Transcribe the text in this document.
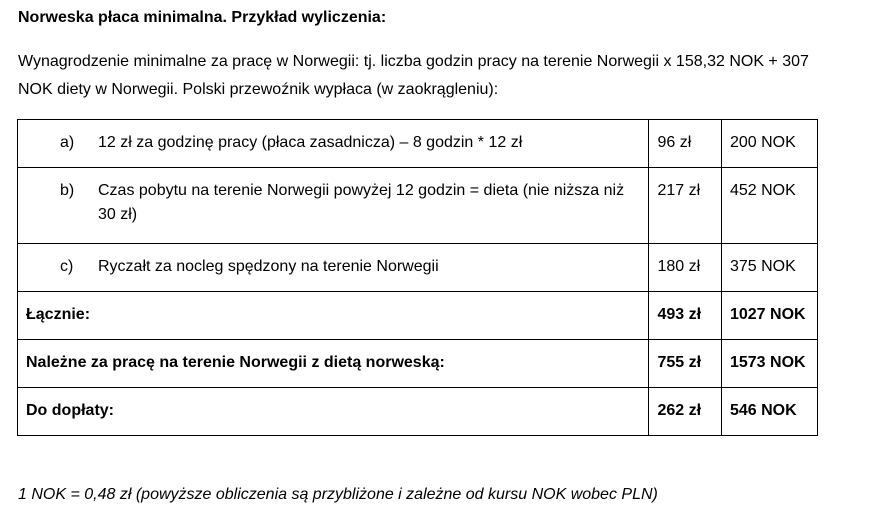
Norweska płaca minimalna. Przykład wyliczenia:
Wynagrodzenie minimalne za pracę w Norwegii: tj. liczba godzin pracy na terenie Norwegii x 158,32 NOK + 307 NOK diety w Norwegii. Polski przewoźnik wypłaca (w zaokrągleniu):
a) 12 zł za godzinę pracy (płaca zasadnicza) – 8 godzin * 12 zł	96 zł	200 NOK

b) Czas pobytu na terenie Norwegii powyżej 12 godzin = dieta (nie niższa niż 30 zł)	217 zł	452 NOK

c) Ryczałt za nocleg spędzony na terenie Norwegii	180 zł	375 NOK
Łącznie:	493 zł	1027 NOK
Należne za pracę na terenie Norwegii z dietą norweską:	755 zł	1573 NOK
Do dopłaty:	262 zł	546 NOK
1 NOK = 0,48 zł (powyższe obliczenia są przybliżone i zależne od kursu NOK wobec PLN)
